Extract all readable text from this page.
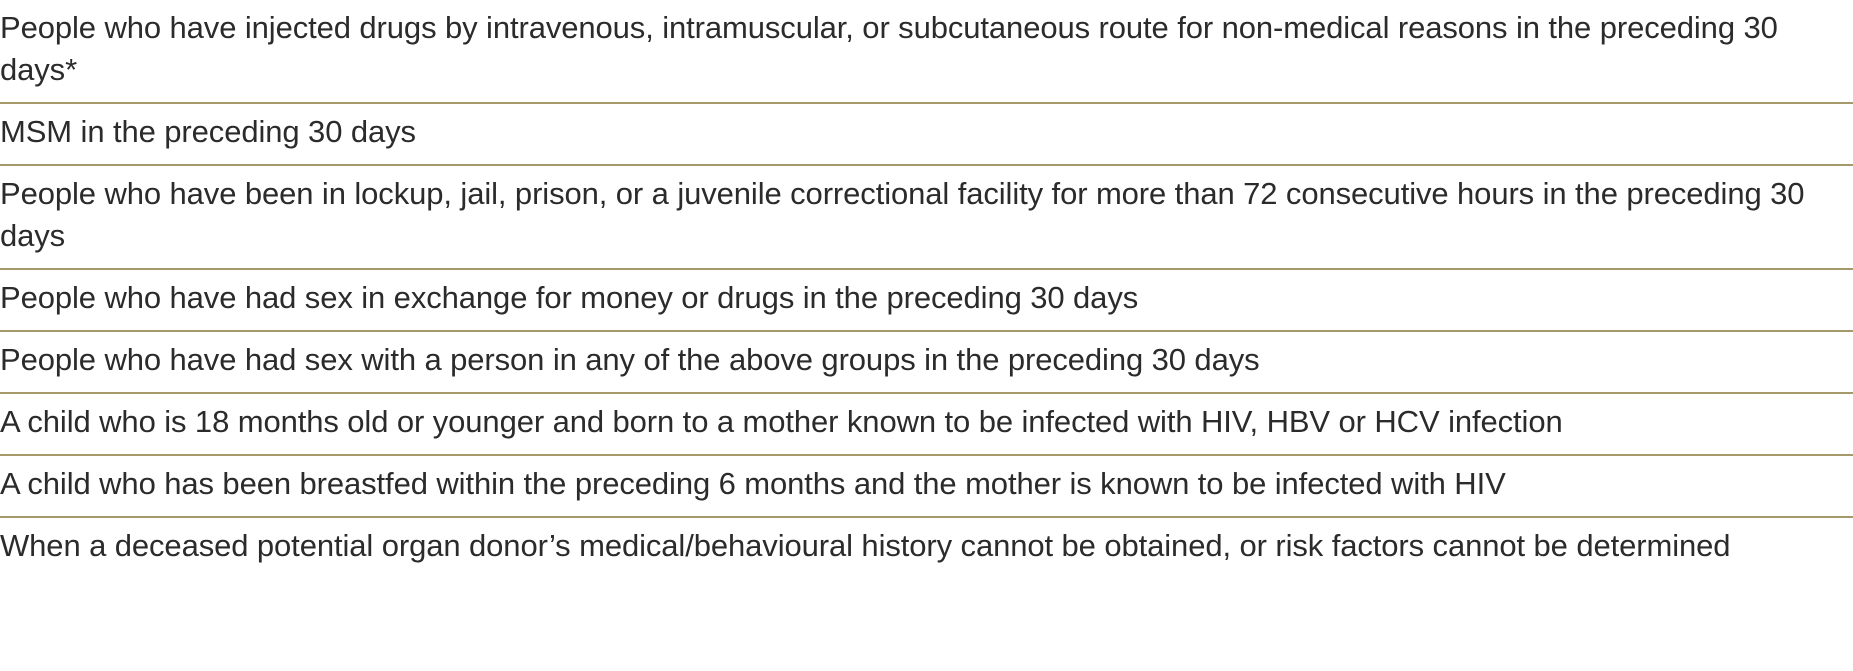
People who have injected drugs by intravenous, intramuscular, or subcutaneous route for non-medical reasons in the preceding 30 days*
MSM in the preceding 30 days
People who have been in lockup, jail, prison, or a juvenile correctional facility for more than 72 consecutive hours in the preceding 30 days
People who have had sex in exchange for money or drugs in the preceding 30 days
People who have had sex with a person in any of the above groups in the preceding 30 days
A child who is 18 months old or younger and born to a mother known to be infected with HIV, HBV or HCV infection
A child who has been breastfed within the preceding 6 months and the mother is known to be infected with HIV
When a deceased potential organ donor’s medical/behavioural history cannot be obtained, or risk factors cannot be determined
